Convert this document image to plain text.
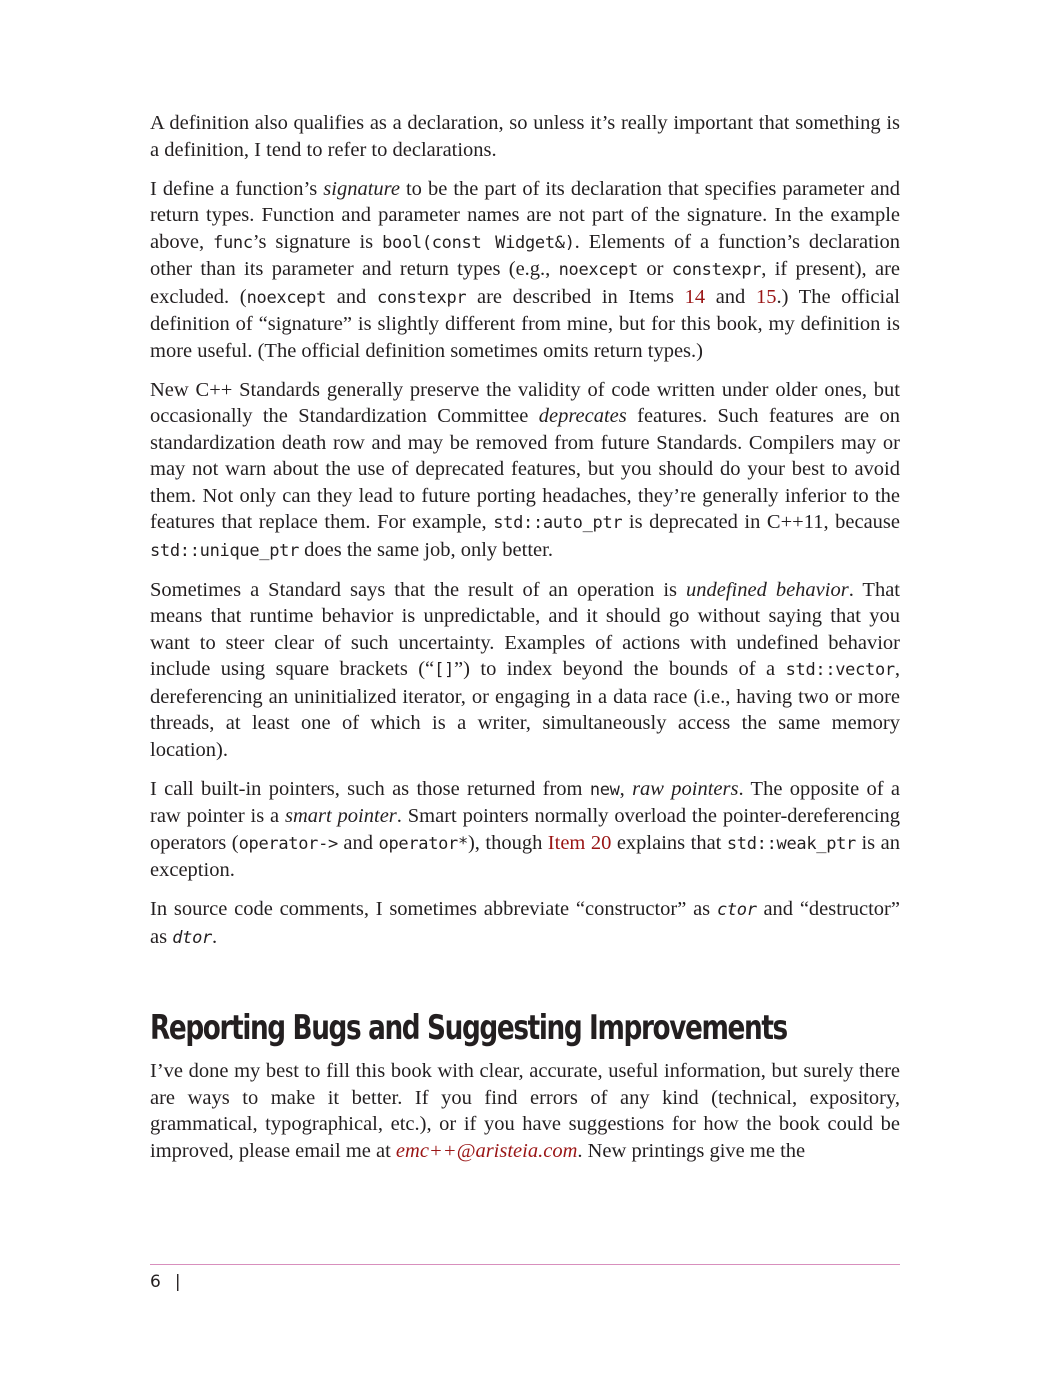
A definition also qualifies as a declaration, so unless it’s really important that something is a definition, I tend to refer to declarations.

I define a function’s signature to be the part of its declaration that specifies parameter and return types. Function and parameter names are not part of the signature. In the example above, func’s signature is bool(const Widget&). Elements of a function’s declaration other than its parameter and return types (e.g., noexcept or constexpr, if present), are excluded. (noexcept and constexpr are described in Items 14 and 15.) The official definition of “signature” is slightly different from mine, but for this book, my definition is more useful. (The official definition sometimes omits return types.)

New C++ Standards generally preserve the validity of code written under older ones, but occasionally the Standardization Committee deprecates features. Such features are on standardization death row and may be removed from future Standards. Compilers may or may not warn about the use of deprecated features, but you should do your best to avoid them. Not only can they lead to future porting headaches, they’re generally inferior to the features that replace them. For example, std::auto_ptr is deprecated in C++11, because std::unique_ptr does the same job, only better.

Sometimes a Standard says that the result of an operation is undefined behavior. That means that runtime behavior is unpredictable, and it should go without saying that you want to steer clear of such uncertainty. Examples of actions with undefined behavior include using square brackets (“[]”) to index beyond the bounds of a std::vector, dereferencing an uninitialized iterator, or engaging in a data race (i.e., having two or more threads, at least one of which is a writer, simultaneously access the same memory location).

I call built-in pointers, such as those returned from new, raw pointers. The opposite of a raw pointer is a smart pointer. Smart pointers normally overload the pointer-dereferencing operators (operator-> and operator*), though Item 20 explains that std::weak_ptr is an exception.

In source code comments, I sometimes abbreviate “constructor” as ctor and “destructor” as dtor.

Reporting Bugs and Suggesting Improvements

I’ve done my best to fill this book with clear, accurate, useful information, but surely there are ways to make it better. If you find errors of any kind (technical, expository, grammatical, typographical, etc.), or if you have suggestions for how the book could be improved, please email me at emc++@aristeia.com. New printings give me the

6 |
